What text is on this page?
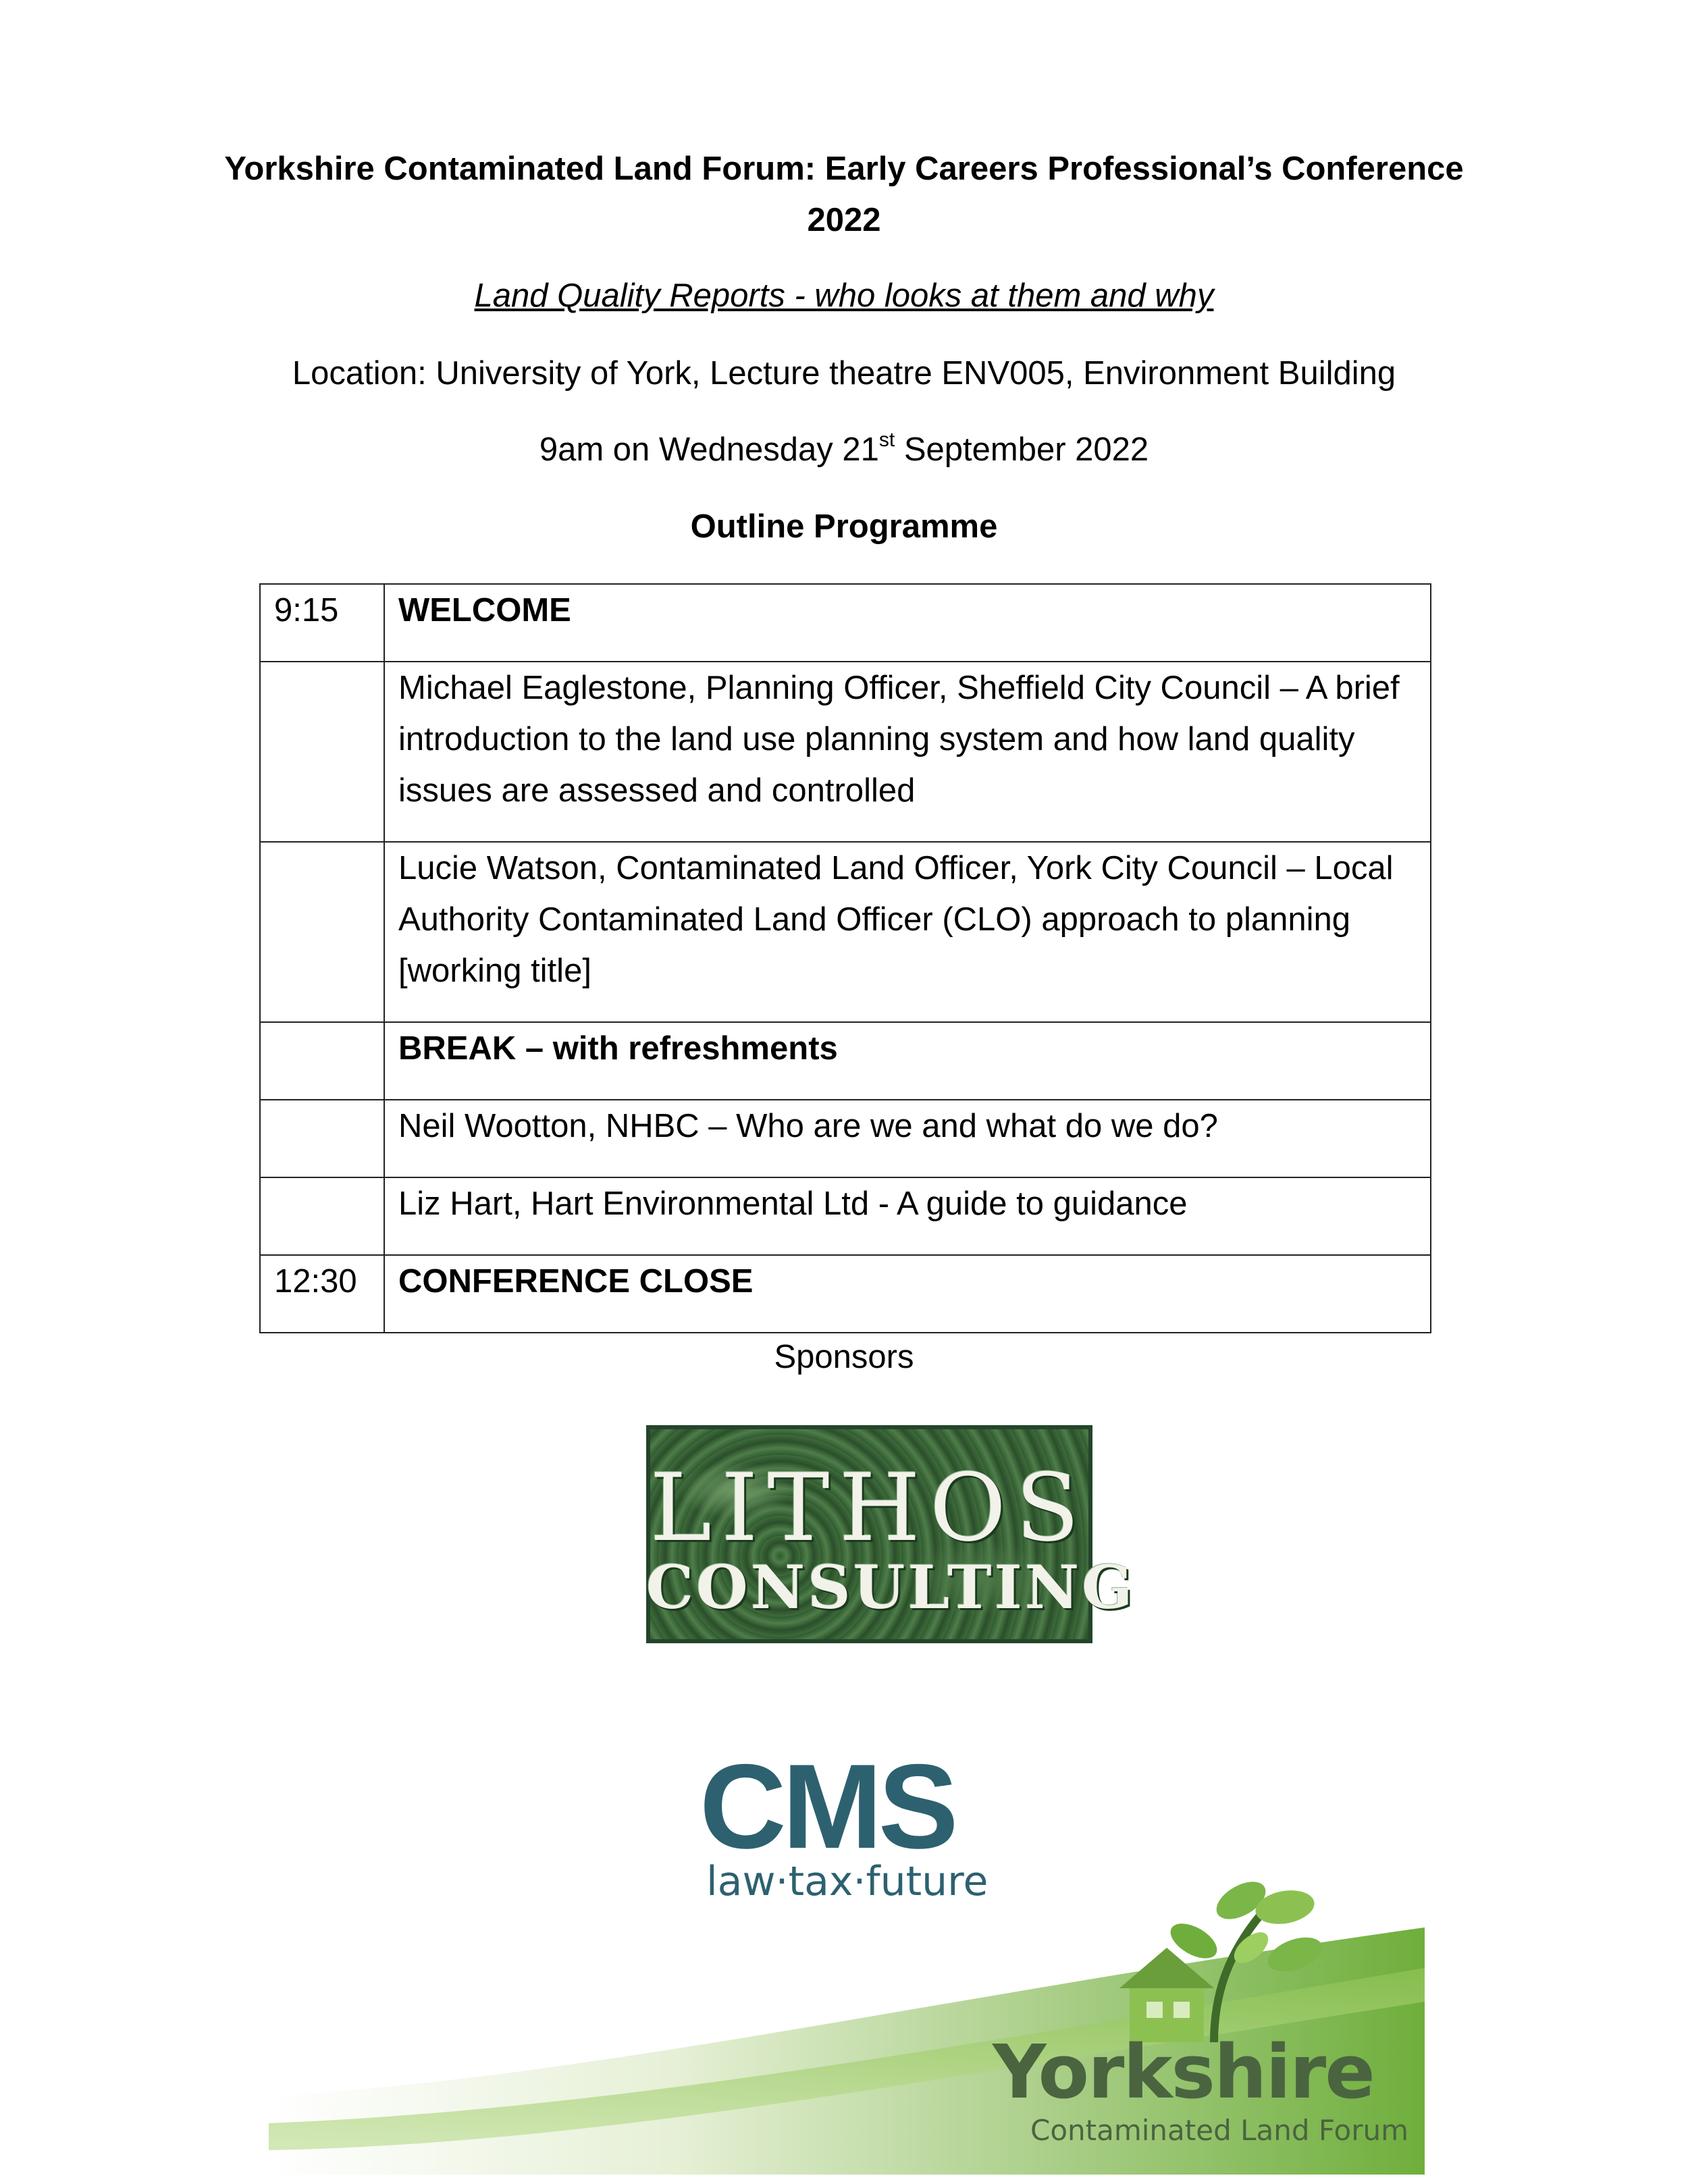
Yorkshire Contaminated Land Forum: Early Careers Professional’s Conference
2022
Land Quality Reports - who looks at them and why
Location: University of York, Lecture theatre ENV005, Environment Building
9am on Wednesday 21st September 2022
Outline Programme
9:15	WELCOME
	Michael Eaglestone, Planning Officer, Sheffield City Council – A brief introduction to the land use planning system and how land quality issues are assessed and controlled
	Lucie Watson, Contaminated Land Officer, York City Council – Local Authority Contaminated Land Officer (CLO) approach to planning [working title]
	BREAK – with refreshments
	Neil Wootton, NHBC – Who are we and what do we do?
	Liz Hart, Hart Environmental Ltd - A guide to guidance
12:30	CONFERENCE CLOSE
Sponsors
LITHOS
CONSULTING
CMS
law·tax·future
Yorkshire
Contaminated Land Forum
